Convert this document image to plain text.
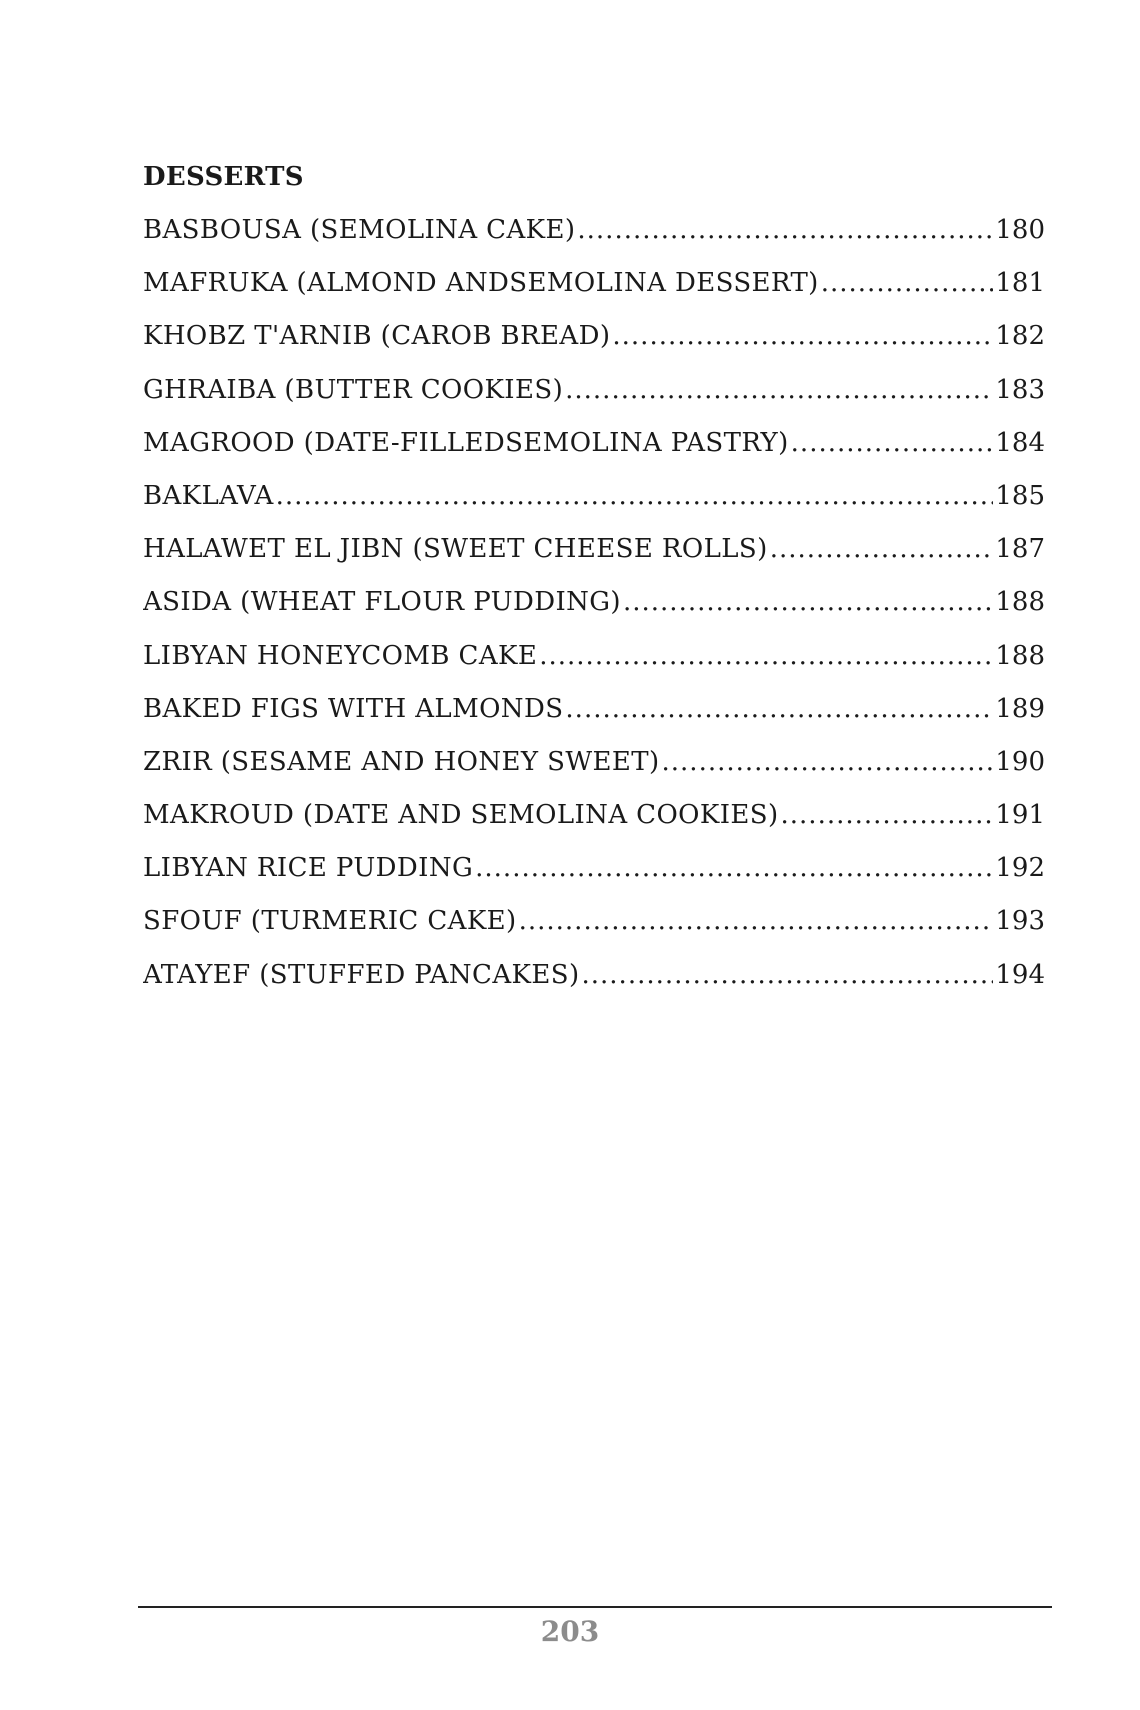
DESSERTS
BASBOUSA (SEMOLINA CAKE) .....	180
MAFRUKA (ALMOND ANDSEMOLINA DESSERT) .....	181
KHOBZ T'ARNIB (CAROB BREAD) .....	182
GHRAIBA (BUTTER COOKIES) .....	183
MAGROOD (DATE-FILLEDSEMOLINA PASTRY) .....	184
BAKLAVA .....	185
HALAWET EL JIBN (SWEET CHEESE ROLLS) .....	187
ASIDA (WHEAT FLOUR PUDDING) .....	188
LIBYAN HONEYCOMB CAKE .....	188
BAKED FIGS WITH ALMONDS .....	189
ZRIR (SESAME AND HONEY SWEET) .....	190
MAKROUD (DATE AND SEMOLINA COOKIES) .....	191
LIBYAN RICE PUDDING .....	192
SFOUF (TURMERIC CAKE) .....	193
ATAYEF (STUFFED PANCAKES) .....	194
203
